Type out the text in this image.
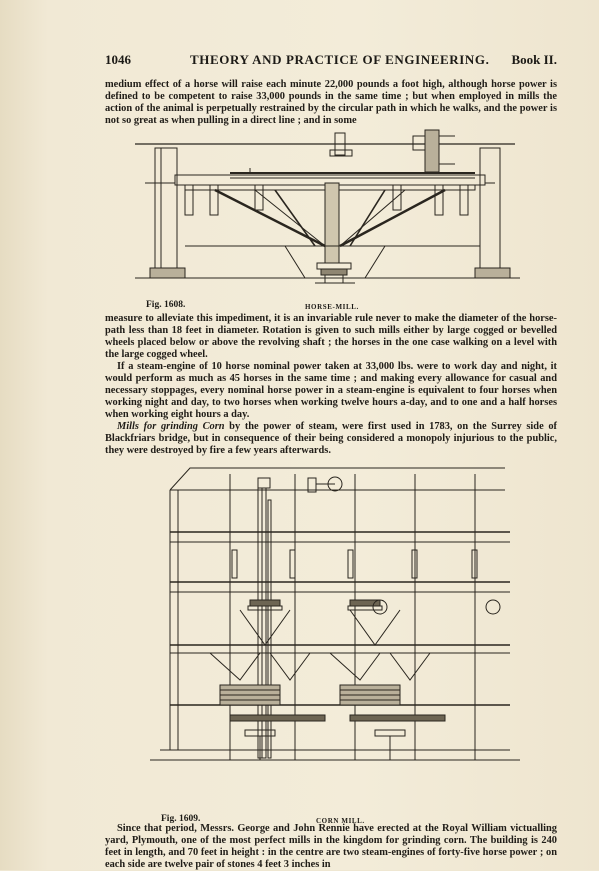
1046	THEORY AND PRACTICE OF ENGINEERING. Book II.

medium effect of a horse will raise each minute 22,000 pounds a foot high, although horse power is defined to be competent to raise 33,000 pounds in the same time ; but when employed in mills the action of the animal is perpetually restrained by the circular path in which he walks, and the power is not so great as when pulling in a direct line ; and in some

Fig. 1608.	HORSE-MILL.

measure to alleviate this impediment, it is an invariable rule never to make the diameter of the horse-path less than 18 feet in diameter. Rotation is given to such mills either by large cogged or bevelled wheels placed below or above the revolving shaft ; the horses in the one case walking on a level with the large cogged wheel.

If a steam-engine of 10 horse nominal power taken at 33,000 lbs. were to work day and night, it would perform as much as 45 horses in the same time ; and making every allowance for casual and necessary stoppages, every nominal horse power in a steam-engine is equivalent to four horses when working night and day, to two horses when working twelve hours a-day, and to one and a half horses when working eight hours a day.

Mills for grinding Corn by the power of steam, were first used in 1783, on the Surrey side of Blackfriars bridge, but in consequence of their being considered a monopoly injurious to the public, they were destroyed by fire a few years afterwards.

Fig. 1609.	CORN MILL.

Since that period, Messrs. George and John Rennie have erected at the Royal William victualling yard, Plymouth, one of the most perfect mills in the kingdom for grinding corn. The building is 240 feet in length, and 70 feet in height : in the centre are two steam-engines of forty-five horse power ; on each side are twelve pair of stones 4 feet 3 inches in
